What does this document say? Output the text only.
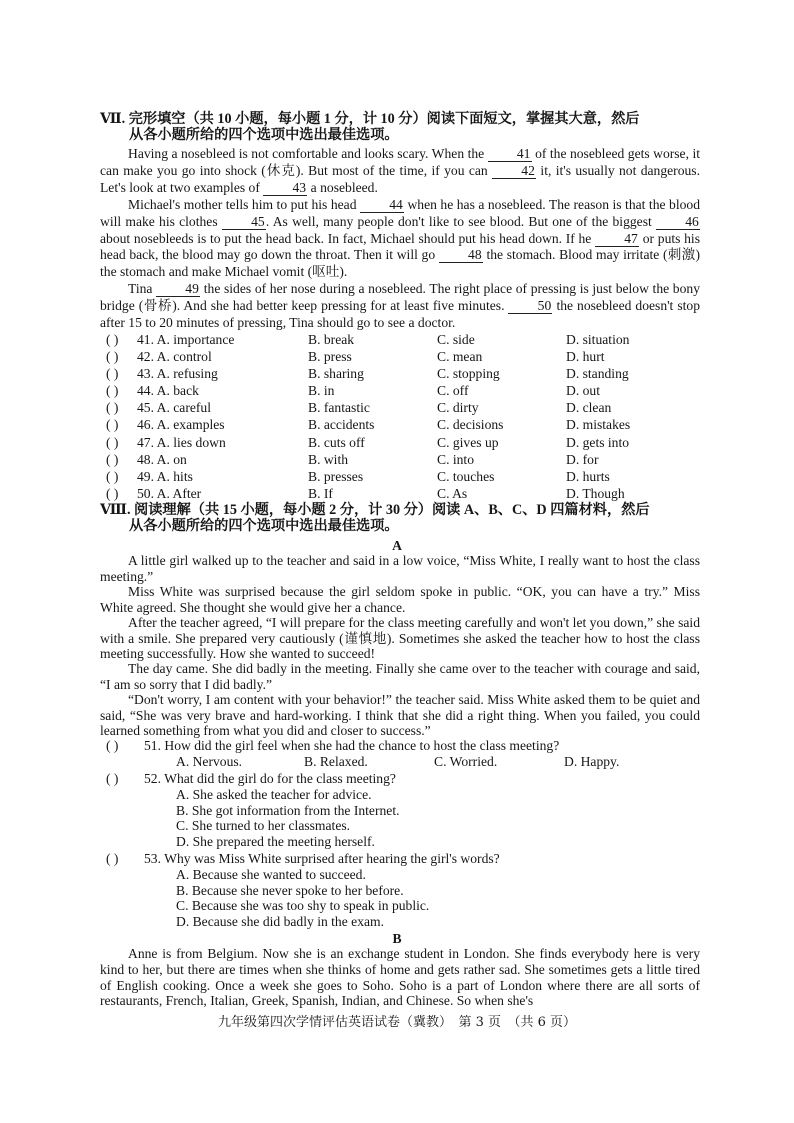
Ⅶ. 完形填空（共 10 小题，每小题 1 分，计 10 分）阅读下面短文，掌握其大意，然后
从各小题所给的四个选项中选出最佳选项。
Having a nosebleed is not comfortable and looks scary. When the 41 of the nosebleed gets worse, it can make you go into shock (休克). But most of the time, if you can 42 it, it's usually not dangerous. Let's look at two examples of 43 a nosebleed.
Michael's mother tells him to put his head 44 when he has a nosebleed. The reason is that the blood will make his clothes 45. As well, many people don't like to see blood. But one of the biggest 46 about nosebleeds is to put the head back. In fact, Michael should put his head down. If he 47 or puts his head back, the blood may go down the throat. Then it will go 48 the stomach. Blood may irritate (刺激) the stomach and make Michael vomit (呕吐).
Tina 49 the sides of her nose during a nosebleed. The right place of pressing is just below the bony bridge (骨桥). And she had better keep pressing for at least five minutes. 50 the nosebleed doesn't stop after 15 to 20 minutes of pressing, Tina should go to see a doctor.
( ) 41. A. importance	B. break	C. side	D. situation
( ) 42. A. control	B. press	C. mean	D. hurt
( ) 43. A. refusing	B. sharing	C. stopping	D. standing
( ) 44. A. back	B. in	C. off	D. out
( ) 45. A. careful	B. fantastic	C. dirty	D. clean
( ) 46. A. examples	B. accidents	C. decisions	D. mistakes
( ) 47. A. lies down	B. cuts off	C. gives up	D. gets into
( ) 48. A. on	B. with	C. into	D. for
( ) 49. A. hits	B. presses	C. touches	D. hurts
( ) 50. A. After	B. If	C. As	D. Though
Ⅷ. 阅读理解（共 15 小题，每小题 2 分，计 30 分）阅读 A、B、C、D 四篇材料，然后
从各小题所给的四个选项中选出最佳选项。
A
A little girl walked up to the teacher and said in a low voice, “Miss White, I really want to host the class meeting.”
Miss White was surprised because the girl seldom spoke in public. “OK, you can have a try.” Miss White agreed. She thought she would give her a chance.
After the teacher agreed, “I will prepare for the class meeting carefully and won't let you down,” she said with a smile. She prepared very cautiously (谨慎地). Sometimes she asked the teacher how to host the class meeting successfully. How she wanted to succeed!
The day came. She did badly in the meeting. Finally she came over to the teacher with courage and said, “I am so sorry that I did badly.”
“Don't worry, I am content with your behavior!” the teacher said. Miss White asked them to be quiet and said, “She was very brave and hard-working. I think that she did a right thing. When you failed, you could learned something from what you did and closer to success.”
( ) 51. How did the girl feel when she had the chance to host the class meeting?
A. Nervous.	B. Relaxed.	C. Worried.	D. Happy.
( ) 52. What did the girl do for the class meeting?
A. She asked the teacher for advice.
B. She got information from the Internet.
C. She turned to her classmates.
D. She prepared the meeting herself.
( ) 53. Why was Miss White surprised after hearing the girl's words?
A. Because she wanted to succeed.
B. Because she never spoke to her before.
C. Because she was too shy to speak in public.
D. Because she did badly in the exam.
B
Anne is from Belgium. Now she is an exchange student in London. She finds everybody here is very kind to her, but there are times when she thinks of home and gets rather sad. She sometimes gets a little tired of English cooking. Once a week she goes to Soho. Soho is a part of London where there are all sorts of restaurants, French, Italian, Greek, Spanish, Indian, and Chinese. So when she's
九年级第四次学情评估英语试卷（冀教）　第 3 页　（共 6 页）
